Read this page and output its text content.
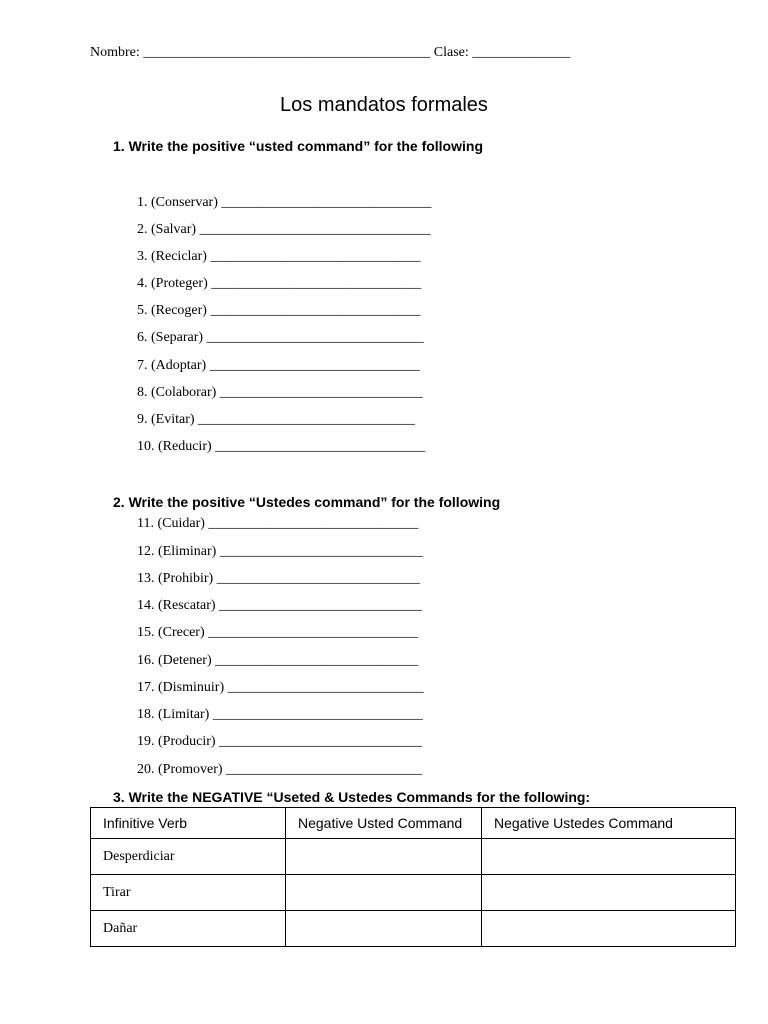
Nombre: _________________________________________ Clase: ______________
Los mandatos formales
1. Write the positive “usted command” for the following
1. (Conservar) ______________________________
2. (Salvar) _________________________________
3. (Reciclar) ______________________________
4. (Proteger) ______________________________
5. (Recoger) ______________________________
6. (Separar) _______________________________
7. (Adoptar) ______________________________
8. (Colaborar) _____________________________
9. (Evitar) _______________________________
10. (Reducir) ______________________________
2. Write the positive “Ustedes command” for the following
11. (Cuidar) ______________________________
12. (Eliminar) _____________________________
13. (Prohibir) _____________________________
14. (Rescatar) _____________________________
15. (Crecer) ______________________________
16. (Detener) _____________________________
17. (Disminuir) ____________________________
18. (Limitar) ______________________________
19. (Producir) _____________________________
20. (Promover) ____________________________
3. Write the NEGATIVE “Useted & Ustedes Commands for the following:
Infinitive Verb	Negative Usted Command	Negative Ustedes Command
Desperdiciar		
Tirar		
Dañar		
